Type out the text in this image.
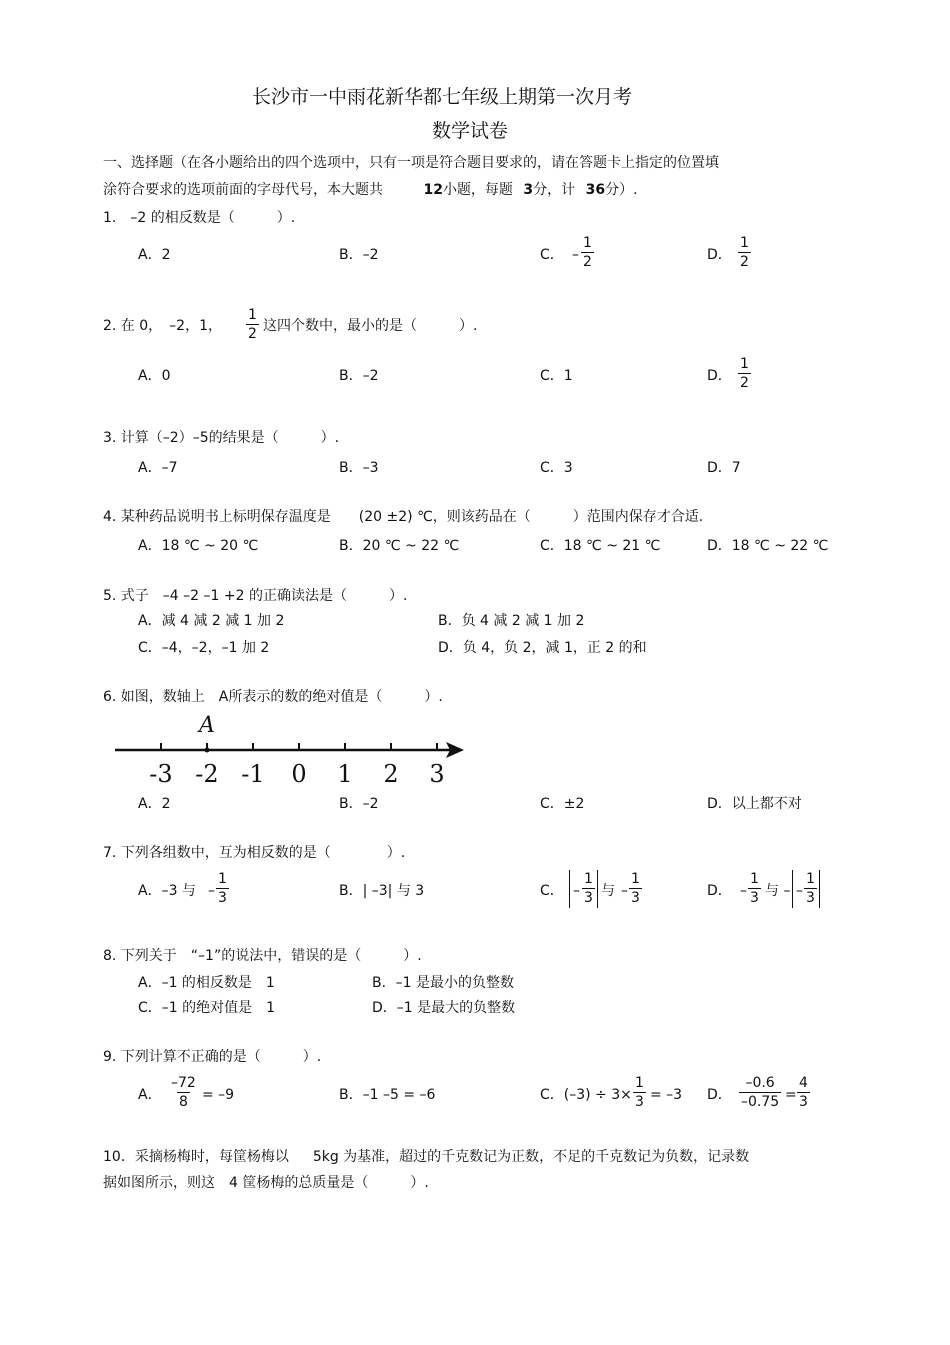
长沙市一中雨花新华都七年级上期第一次月考
数学试卷
一、选择题（在各小题给出的四个选项中，只有一项是符合题目要求的，请在答题卡上指定的位置填
涂符合要求的选项前面的字母代号，本大题共	12小题，每题 3分，计 36分）.
1.　–2 的相反数是（　　　）.
A．2	B．–2	C． – $\frac{1}{2}$	D． $\frac{1}{2}$
2. 在 0，　–2，1， $\frac{1}{2}$ 这四个数中，最小的是（　　　）.
A．0	B．–2	C．1	D． $\frac{1}{2}$
3. 计算（–2）–5的结果是（　　　）.
A．–7	B．–3	C．3	D．7
4. 某种药品说明书上标明保存温度是　　(20 ±2) ℃，则该药品在（　　　）范围内保存才合适.
A．18 ℃ ~ 20 ℃	B．20 ℃ ~ 22 ℃	C．18 ℃ ~ 21 ℃	D．18 ℃ ~ 22 ℃
5. 式子　–4 –2 –1 +2 的正确读法是（　　　）.
A．减 4 减 2 减 1 加 2	B．负 4 减 2 减 1 加 2
C．–4，–2，–1 加 2	D．负 4，负 2，减 1，正 2 的和
6. 如图，数轴上　A所表示的数的绝对值是（　　　）.
-3 -2 -1 0 1 2 3
A
A．2	B．–2	C．±2	D．以上都不对
7. 下列各组数中，互为相反数的是（　　　　）.
A．–3 与 – $\frac{1}{3}$	B．| –3| 与 3	C． – $\frac{1}{3}$ 与 – $\frac{1}{3}$	D． – $\frac{1}{3}$ 与 – – $\frac{1}{3}$
8. 下列关于　“–1”的说法中，错误的是（　　　）.
A．–1 的相反数是　1	B．–1 是最小的负整数
C．–1 的绝对值是　1	D．–1 是最大的负整数
9. 下列计算不正确的是（　　　）.
A． $\frac{-72}{8} = -9$	B．–1 –5 = –6	C．$(-3) \div 3\times \frac{1}{3} = -3$ D． $\frac{-0.6}{-0.75} = \frac{4}{3}$
10．采摘杨梅时，每筐杨梅以 5kg 为基准，超过的千克数记为正数，不足的千克数记为负数，记录数
据如图所示，则这　4 筐杨梅的总质量是（　　　）.
